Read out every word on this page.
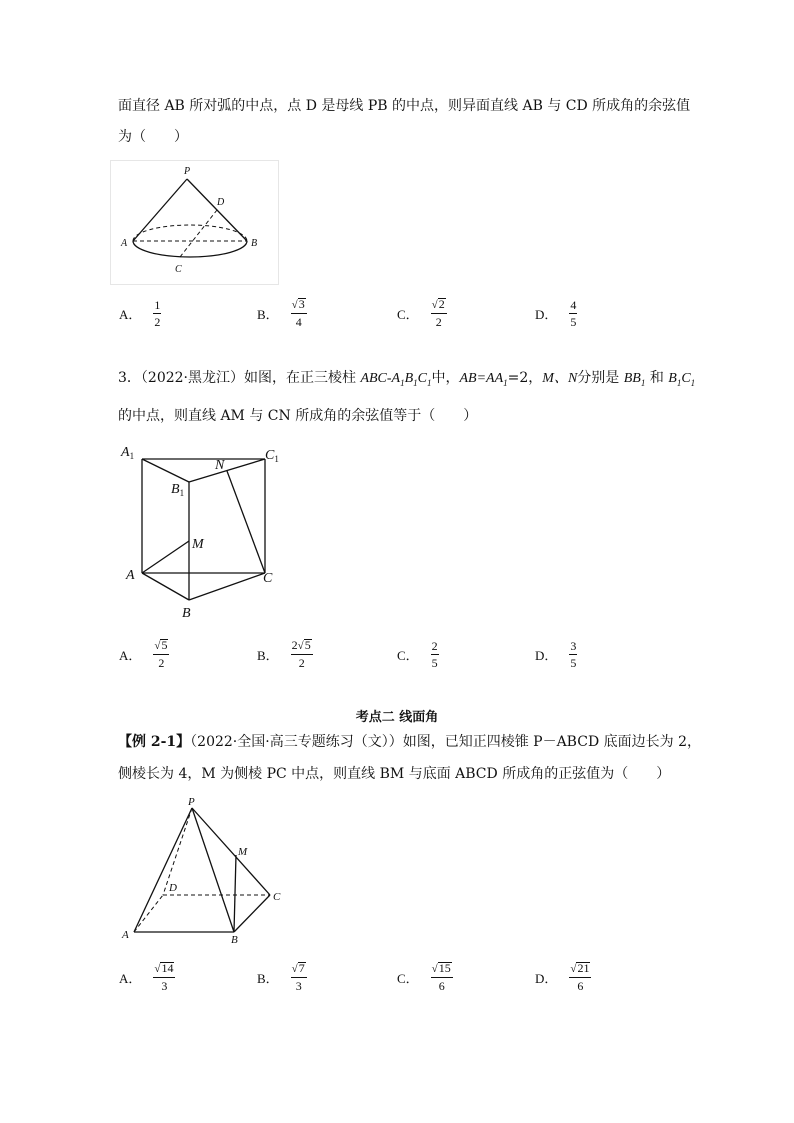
面直径 AB 所对弧的中点，点 D 是母线 PB 的中点，则异面直线 AB 与 CD 所成角的余弦值
为（　　）
P
D
A	B
C
A． $\frac{1}{2}$	B． $\frac{√3}{4}$	C． $\frac{√2}{2}$	D． $\frac{4}{5}$
3．（2022·黑龙江）如图，在正三棱柱 ABC-$A_1B_1C_1$中，$AB=AA_1=2$，M、N分别是 $BB_1$ 和 $B_1C_1$
的中点，则直线 AM 与 CN 所成角的余弦值等于（　　）
$A_1$	$C_1$
N
$B_1$
M
A	C
B
A． $\frac{√5}{2}$	B． $\frac{2√5}{2}$	C． $\frac{2}{5}$	D． $\frac{3}{5}$
考点二 线面角
【例 2-1】（2022·全国·高三专题练习（文））如图，已知正四棱锥 P－ABCD 底面边长为 2，
侧棱长为 4，M 为侧棱 PC 中点，则直线 BM 与底面 ABCD 所成角的正弦值为（　　）
P
M
D
C
A	B
A． $\frac{√14}{3}$	B． $\frac{√7}{3}$	C． $\frac{√15}{6}$	D． $\frac{√21}{6}$
